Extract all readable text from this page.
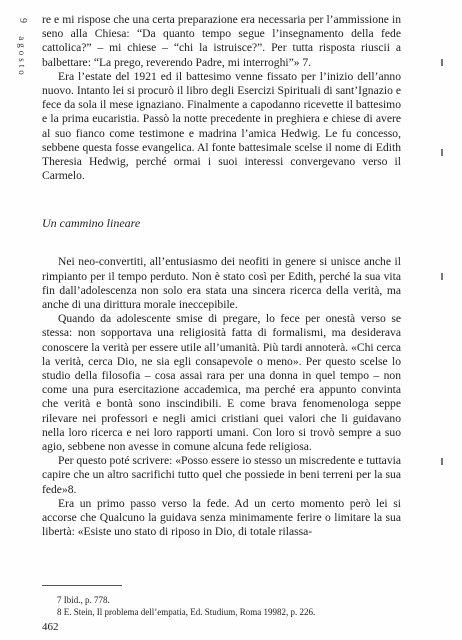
9 agosto

re e mi rispose che una certa preparazione era necessaria per l’ammissione in seno alla Chiesa: “Da quanto tempo segue l’insegnamento della fede cattolica?” – mi chiese – “chi la istruisce?”. Per tutta risposta riuscii a balbettare: “La prego, reverendo Padre, mi interroghi”» 7.

Era l’estate del 1921 ed il battesimo venne fissato per l’inizio dell’anno nuovo. Intanto lei si procurò il libro degli Esercizi Spirituali di sant’Ignazio e fece da sola il mese ignaziano. Finalmente a capodanno ricevette il battesimo e la prima eucaristia. Passò la notte precedente in preghiera e chiese di avere al suo fianco come testimone e madrina l’amica Hedwig. Le fu concesso, sebbene questa fosse evangelica. Al fonte battesimale scelse il nome di Edith Theresia Hedwig, perché ormai i suoi interessi convergevano verso il Carmelo.

Un cammino lineare

Nei neo-convertiti, all’entusiasmo dei neofiti in genere si unisce anche il rimpianto per il tempo perduto. Non è stato così per Edith, perché la sua vita fin dall’adolescenza non solo era stata una sincera ricerca della verità, ma anche di una dirittura morale ineccepibile.

Quando da adolescente smise di pregare, lo fece per onestà verso se stessa: non sopportava una religiosità fatta di formalismi, ma desiderava conoscere la verità per essere utile all’umanità. Più tardi annoterà. «Chi cerca la verità, cerca Dio, ne sia egli consapevole o meno». Per questo scelse lo studio della filosofia – cosa assai rara per una donna in quel tempo – non come una pura esercitazione accademica, ma perché era appunto convinta che verità e bontà sono inscindibili. E come brava fenomenologa seppe rilevare nei professori e negli amici cristiani quei valori che li guidavano nella loro ricerca e nei loro rapporti umani. Con loro si trovò sempre a suo agio, sebbene non avesse in comune alcuna fede religiosa.

Per questo poté scrivere: «Posso essere io stesso un miscredente e tuttavia capire che un altro sacrifichi tutto quel che possiede in beni terreni per la sua fede»8.

Era un primo passo verso la fede. Ad un certo momento però lei si accorse che Qualcuno la guidava senza minimamente ferire o limitare la sua libertà: «Esiste uno stato di riposo in Dio, di totale rilassa-

7 Ibid., p. 778.
8 E. Stein, Il problema dell’empatia, Ed. Studium, Roma 19982, p. 226.
462
